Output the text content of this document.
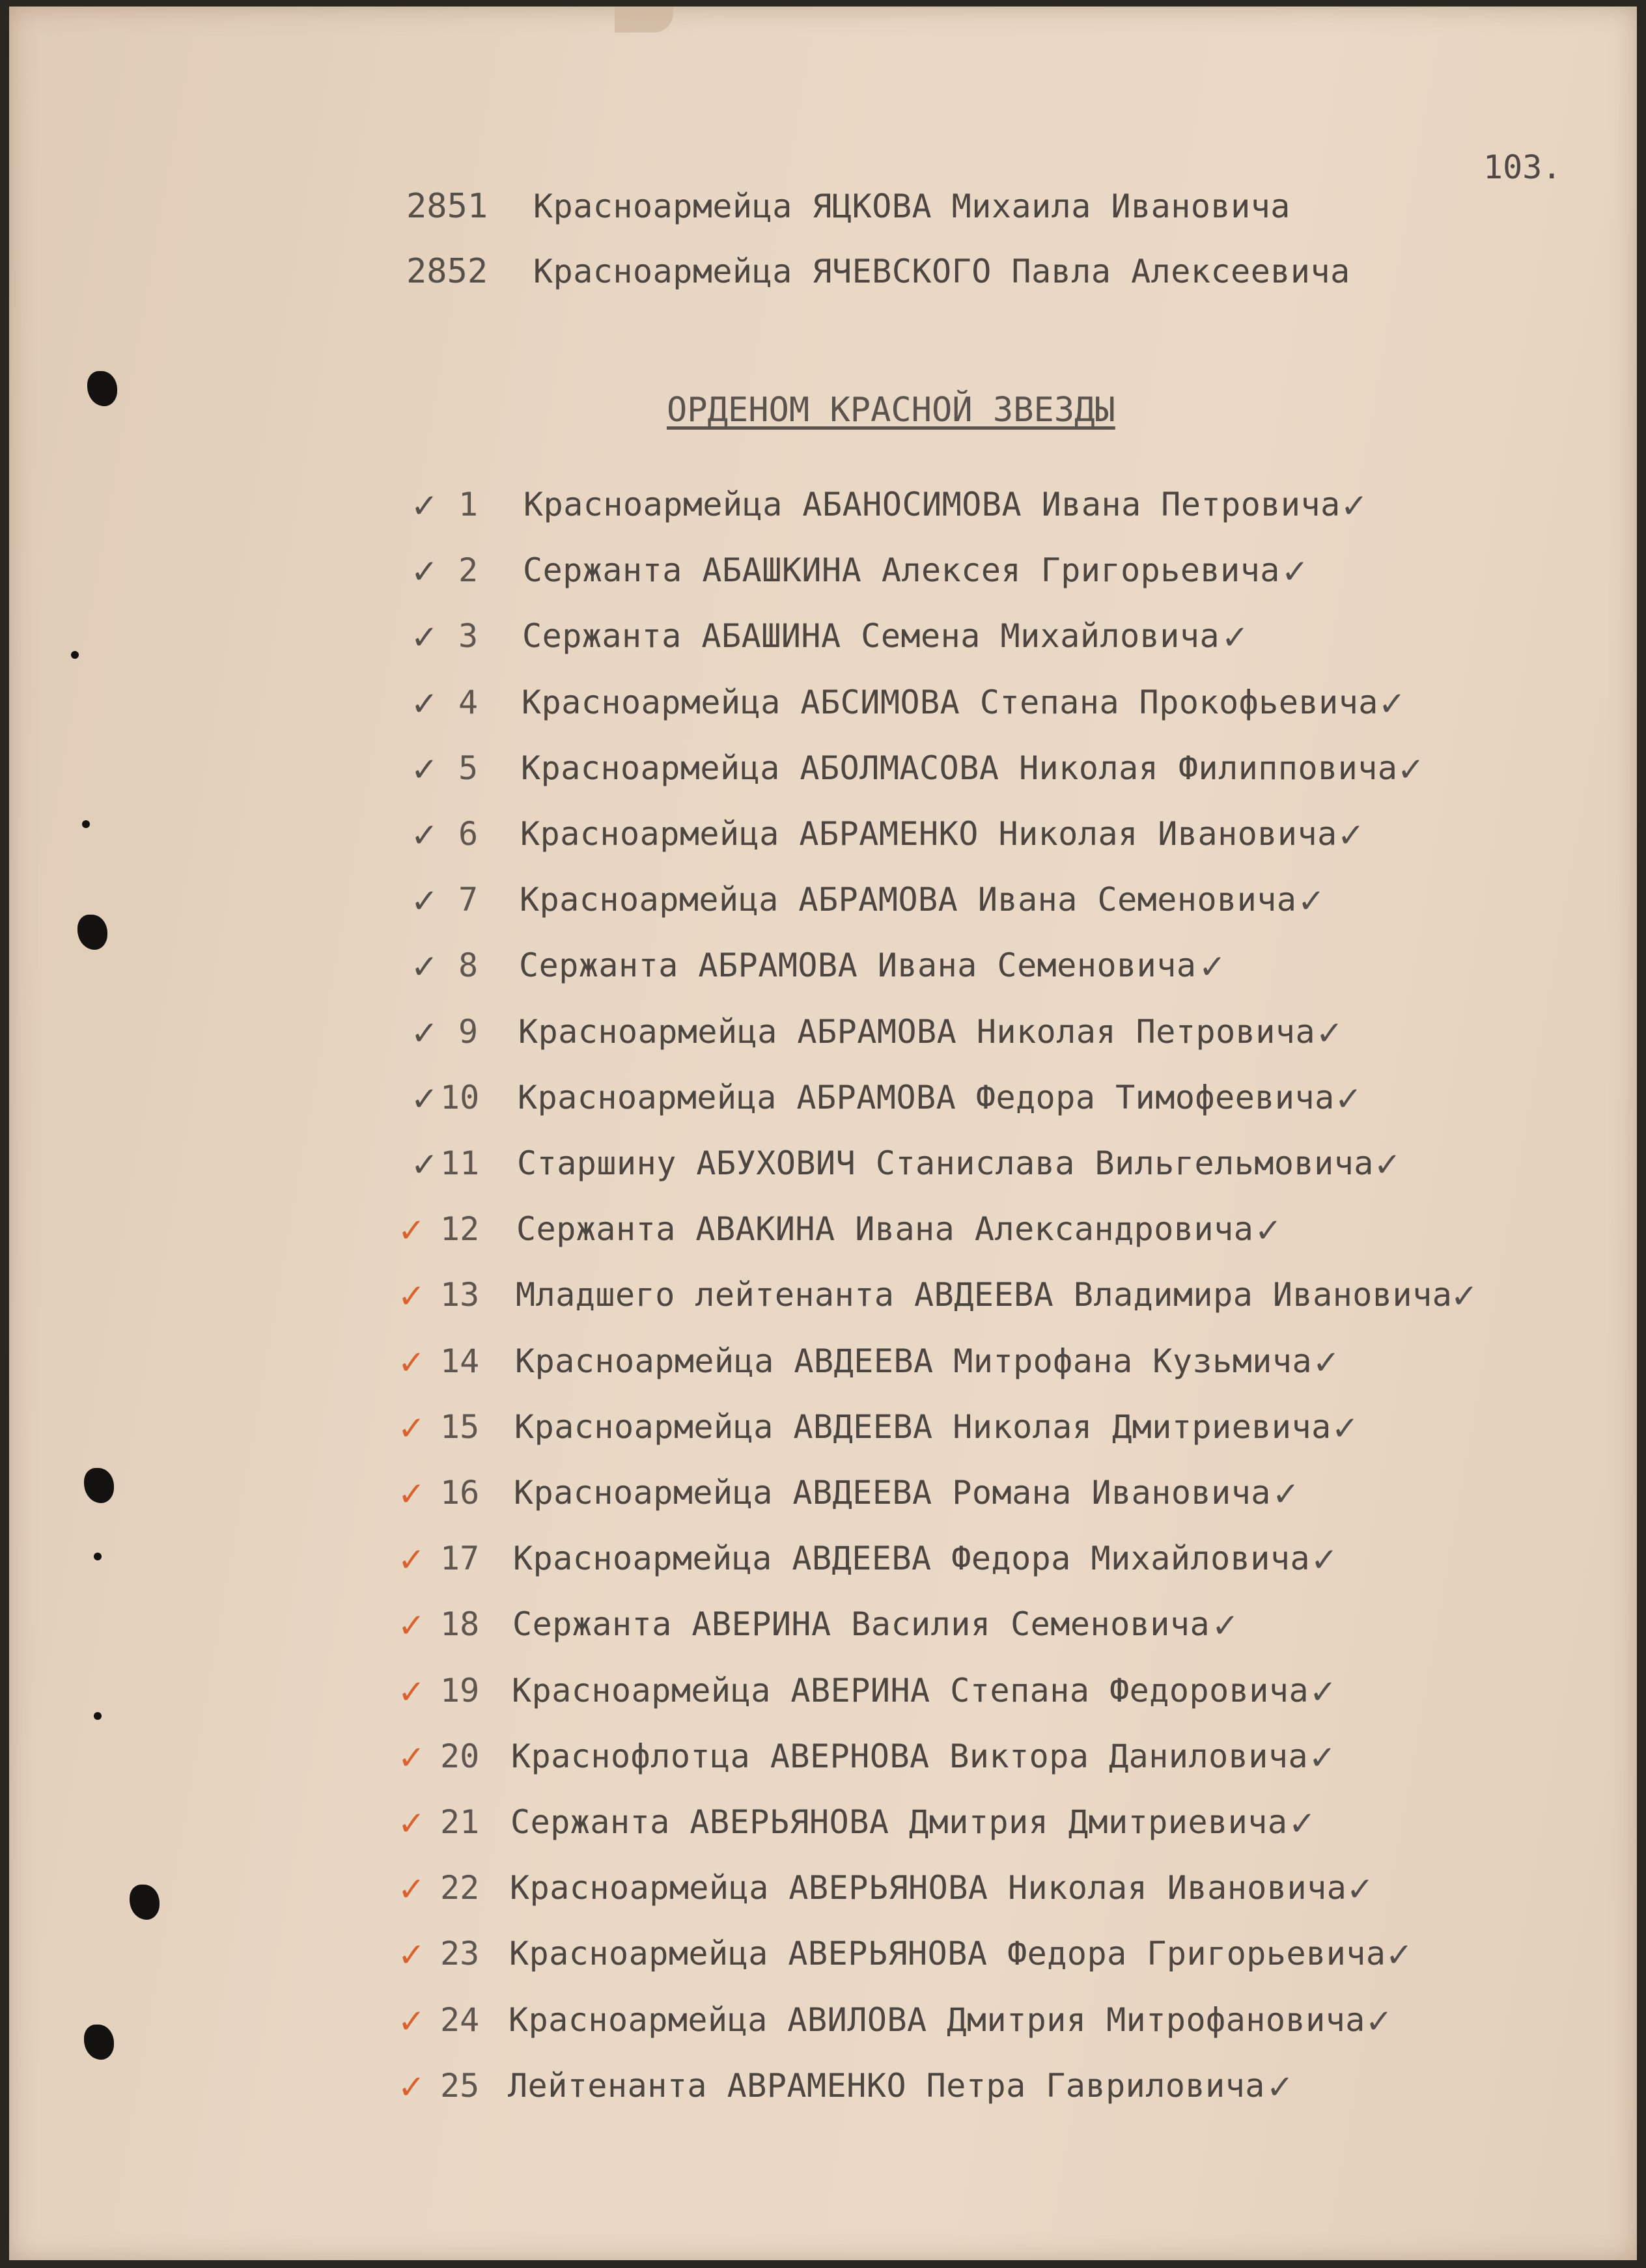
103.
2851 Красноармейца ЯЦКОВА Михаила Ивановича
2852 Красноармейца ЯЧЕВСКОГО Павла Алексеевича
ОРДЕНОМ КРАСНОЙ ЗВЕЗДЫ
✓ 1 Красноармейца АБАНОСИМОВА Ивана Петровича ✓
✓ 2 Сержанта АБАШКИНА Алексея Григорьевича ✓
✓ 3 Сержанта АБАШИНА Семена Михайловича ✓
✓ 4 Красноармейца АБСИМОВА Степана Прокофьевича ✓
✓ 5 Красноармейца АБОЛМАСОВА Николая Филипповича ✓
✓ 6 Красноармейца АБРАМЕНКО Николая Ивановича ✓
✓ 7 Красноармейца АБРАМОВА Ивана Семеновича ✓
✓ 8 Сержанта АБРАМОВА Ивана Семеновича ✓
✓ 9 Красноармейца АБРАМОВА Николая Петровича ✓
✓ 10 Красноармейца АБРАМОВА Федора Тимофеевича ✓
✓ 11 Старшину АБУХОВИЧ Станислава Вильгельмовича ✓
✓ 12 Сержанта АВАКИНА Ивана Александровича ✓
✓ 13 Младшего лейтенанта АВДЕЕВА Владимира Ивановича ✓
✓ 14 Красноармейца АВДЕЕВА Митрофана Кузьмича ✓
✓ 15 Красноармейца АВДЕЕВА Николая Дмитриевича ✓
✓ 16 Красноармейца АВДЕЕВА Романа Ивановича ✓
✓ 17 Красноармейца АВДЕЕВА Федора Михайловича ✓
✓ 18 Сержанта АВЕРИНА Василия Семеновича ✓
✓ 19 Красноармейца АВЕРИНА Степана Федоровича ✓
✓ 20 Краснофлотца АВЕРНОВА Виктора Даниловича ✓
✓ 21 Сержанта АВЕРЬЯНОВА Дмитрия Дмитриевича ✓
✓ 22 Красноармейца АВЕРЬЯНОВА Николая Ивановича ✓
✓ 23 Красноармейца АВЕРЬЯНОВА Федора Григорьевича ✓
✓ 24 Красноармейца АВИЛОВА Дмитрия Митрофановича ✓
✓ 25 Лейтенанта АВРАМЕНКО Петра Гавриловича ✓
